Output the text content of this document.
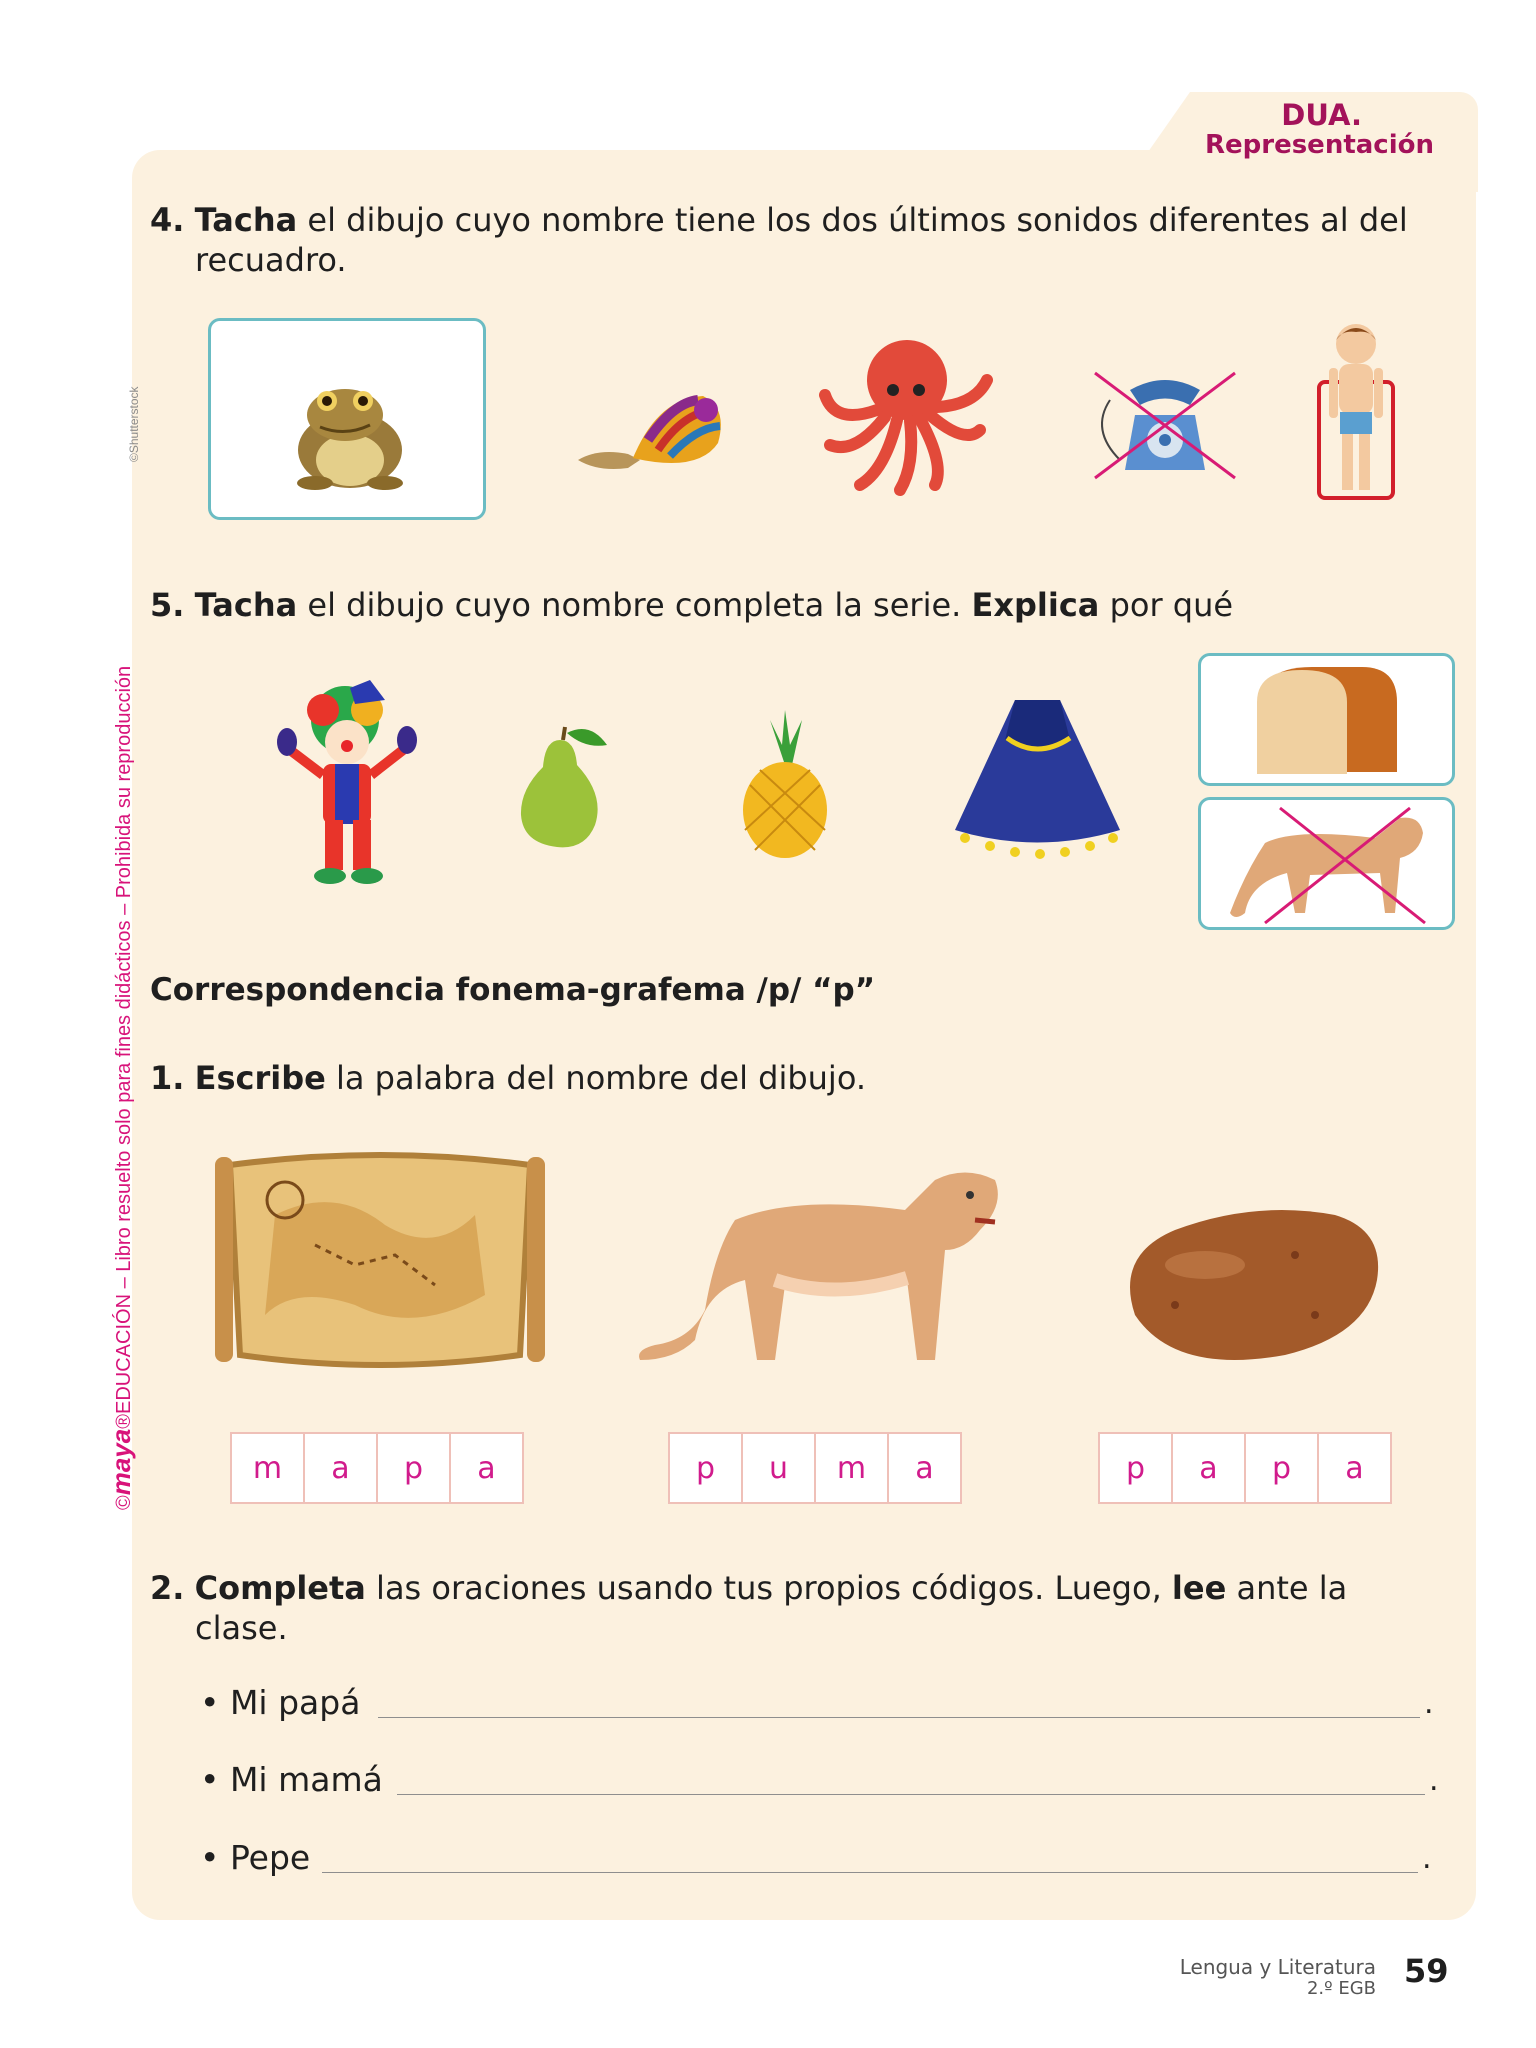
DUA.
Representación
©maya®EDUCACIÓN – Libro resuelto solo para fines didácticos – Prohibida su reproducción
©Shutterstock
4. Tacha el dibujo cuyo nombre tiene los dos últimos sonidos diferentes al del
recuadro.
5. Tacha el dibujo cuyo nombre completa la serie. Explica por qué
Correspondencia fonema-grafema /p/ “p”
1. Escribe la palabra del nombre del dibujo.
m	a	p	a	p	u	m	a	p	a	p	a
2. Completa las oraciones usando tus propios códigos. Luego, lee ante la
clase.
• Mi papá	.
• Mi mamá	.
• Pepe	.
Lengua y Literatura
2.º EGB 59
